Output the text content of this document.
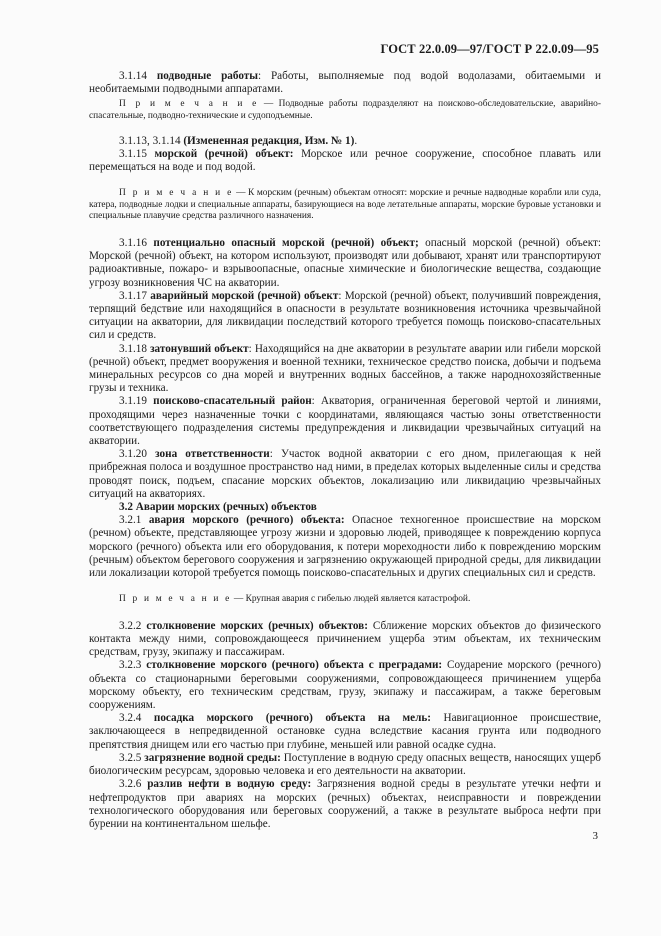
ГОСТ 22.0.09—97/ГОСТ Р 22.0.09—95

3.1.14 подводные работы: Работы, выполняемые под водой водолазами, обитаемыми и необитаемыми подводными аппаратами.

П р и м е ч а н и е — Подводные работы подразделяют на поисково-обследовательские, аварийно-спасательные, подводно-технические и судоподъемные.

3.1.13, 3.1.14 (Измененная редакция, Изм. № 1).

3.1.15 морской (речной) объект: Морское или речное сооружение, способное плавать или перемещаться на воде и под водой.

П р и м е ч а н и е — К морским (речным) объектам относят: морские и речные надводные корабли или суда, катера, подводные лодки и специальные аппараты, базирующиеся на воде летательные аппараты, морские буровые установки и специальные плавучие средства различного назначения.

3.1.16 потенциально опасный морской (речной) объект; опасный морской (речной) объект: Морской (речной) объект, на котором используют, производят или добывают, хранят или транспортируют радиоактивные, пожаро- и взрывоопасные, опасные химические и биологические вещества, создающие угрозу возникновения ЧС на акватории.

3.1.17 аварийный морской (речной) объект: Морской (речной) объект, получивший повреждения, терпящий бедствие или находящийся в опасности в результате возникновения источника чрезвычайной ситуации на акватории, для ликвидации последствий которого требуется помощь поисково-спасательных сил и средств.

3.1.18 затонувший объект: Находящийся на дне акватории в результате аварии или гибели морской (речной) объект, предмет вооружения и военной техники, техническое средство поиска, добычи и подъема минеральных ресурсов со дна морей и внутренних водных бассейнов, а также народнохозяйственные грузы и техника.

3.1.19 поисково-спасательный район: Акватория, ограниченная береговой чертой и линиями, проходящими через назначенные точки с координатами, являющаяся частью зоны ответственности соответствующего подразделения системы предупреждения и ликвидации чрезвычайных ситуаций на акватории.

3.1.20 зона ответственности: Участок водной акватории с его дном, прилегающая к ней прибрежная полоса и воздушное пространство над ними, в пределах которых выделенные силы и средства проводят поиск, подъем, спасание морских объектов, локализацию или ликвидацию чрезвычайных ситуаций на акваториях.

3.2 Аварии морских (речных) объектов

3.2.1 авария морского (речного) объекта: Опасное техногенное происшествие на морском (речном) объекте, представляющее угрозу жизни и здоровью людей, приводящее к повреждению корпуса морского (речного) объекта или его оборудования, к потери мореходности либо к повреждению морским (речным) объектом берегового сооружения и загрязнению окружающей природной среды, для ликвидации или локализации которой требуется помощь поисково-спасательных и других специальных сил и средств.

П р и м е ч а н и е — Крупная авария с гибелью людей является катастрофой.

3.2.2 столкновение морских (речных) объектов: Сближение морских объектов до физического контакта между ними, сопровождающееся причинением ущерба этим объектам, их техническим средствам, грузу, экипажу и пассажирам.

3.2.3 столкновение морского (речного) объекта с преградами: Соударение морского (речного) объекта со стационарными береговыми сооружениями, сопровождающееся причинением ущерба морскому объекту, его техническим средствам, грузу, экипажу и пассажирам, а также береговым сооружениям.

3.2.4 посадка морского (речного) объекта на мель: Навигационное происшествие, заключающееся в непредвиденной остановке судна вследствие касания грунта или подводного препятствия днищем или его частью при глубине, меньшей или равной осадке судна.

3.2.5 загрязнение водной среды: Поступление в водную среду опасных веществ, наносящих ущерб биологическим ресурсам, здоровью человека и его деятельности на акватории.

3.2.6 разлив нефти в водную среду: Загрязнения водной среды в результате утечки нефти и нефтепродуктов при авариях на морских (речных) объектах, неисправности и повреждении технологического оборудования или береговых сооружений, а также в результате выброса нефти при бурении на континентальном шельфе.

3
